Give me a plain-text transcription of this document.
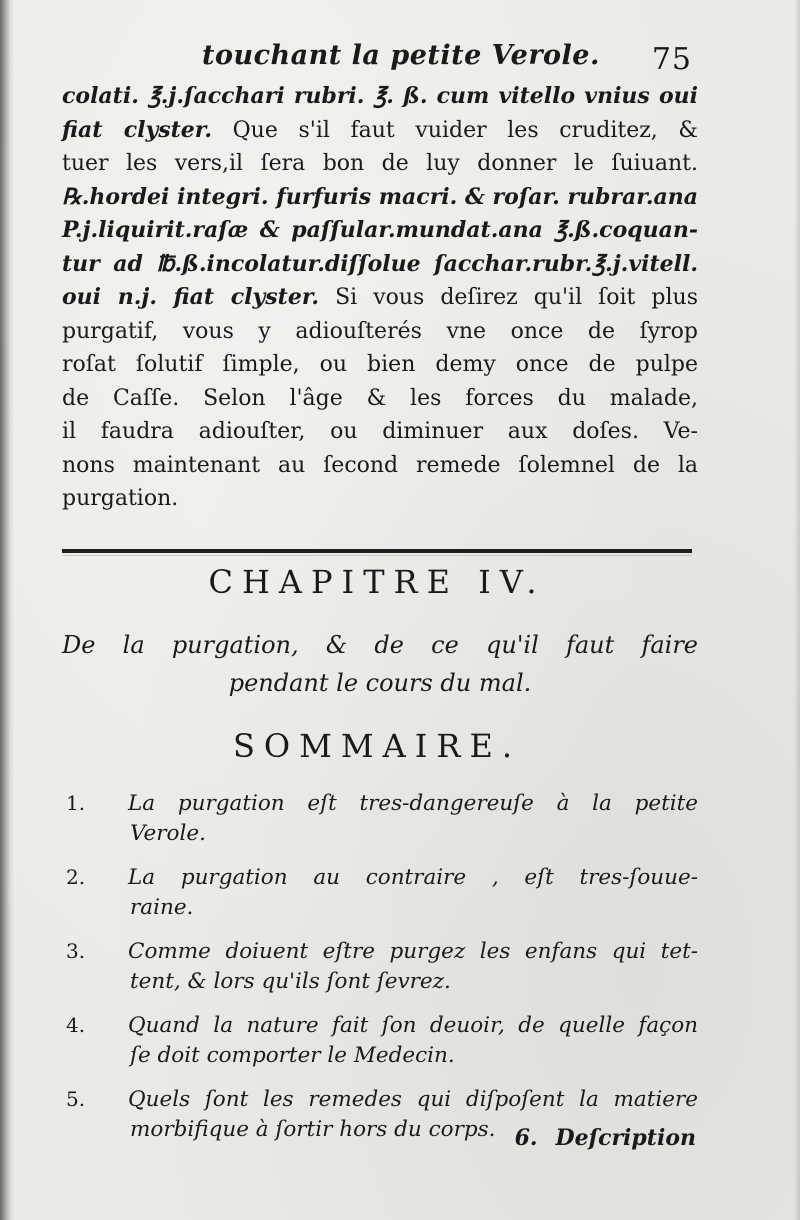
touchant la petite Verole. 75
colati. ℥.j.ſacchari rubri. ℥. ß. cum vitello vnius oui
fiat clyster. Que s'il faut vuider les cruditez, &
tuer les vers,il ſera bon de luy donner le ſuiuant.
℞.hordei integri. furfuris macri. & roſar. rubrar.ana
P.j.liquirit.raſæ & paſſular.mundat.ana ℥.ß.coquan-
tur ad ℔.ß.incolatur.diſſolue ſacchar.rubr.℥.j.vitell.
oui n.j. fiat clyster. Si vous deſirez qu'il ſoit plus
purgatif, vous y adiouſterés vne once de ſyrop
roſat ſolutif ſimple, ou bien demy once de pulpe
de Caſſe. Selon l'âge & les forces du malade,
il faudra adiouſter, ou diminuer aux doſes. Ve-
nons maintenant au ſecond remede ſolemnel de la
purgation.
CHAPITRE IV.
De la purgation, & de ce qu'il faut faire
pendant le cours du mal.
SOMMAIRE.
1. La purgation eſt tres-dangereuſe à la petite
Verole.
2. La purgation au contraire , eſt tres-ſouue-
raine.
3. Comme doiuent eſtre purgez les enfans qui tet-
tent, & lors qu'ils ſont ſevrez.
4. Quand la nature fait ſon deuoir, de quelle façon
ſe doit comporter le Medecin.
5. Quels ſont les remedes qui diſpoſent la matiere
morbifique à ſortir hors du corps. 6. Deſcription
